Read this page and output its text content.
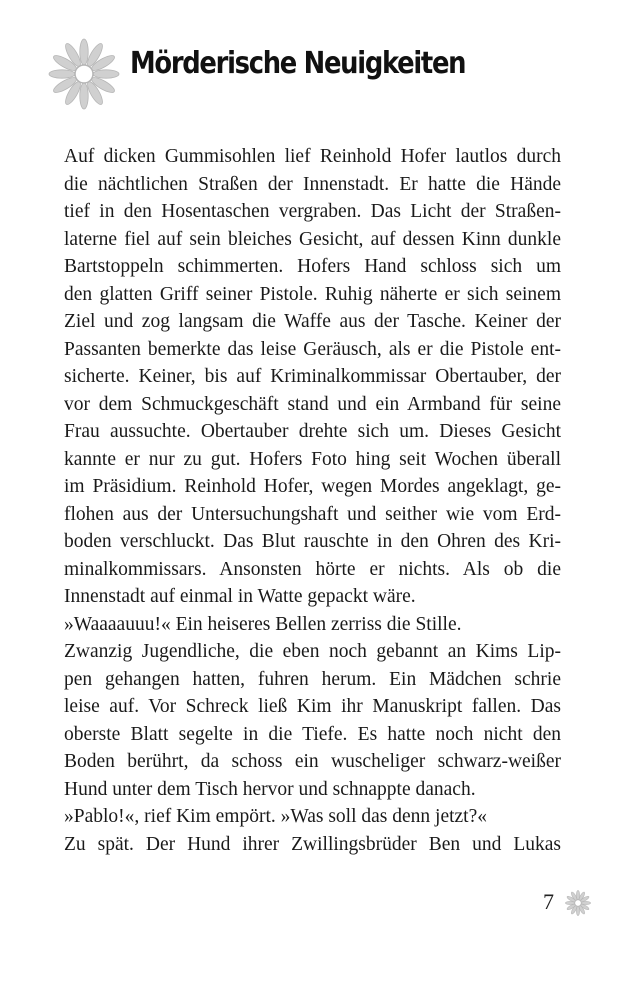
Mörderische Neuigkeiten
Auf dicken Gummisohlen lief Reinhold Hofer lautlos durch
die nächtlichen Straßen der Innenstadt. Er hatte die Hände
tief in den Hosentaschen vergraben. Das Licht der Straßen-
laterne fiel auf sein bleiches Gesicht, auf dessen Kinn dunkle
Bartstoppeln schimmerten. Hofers Hand schloss sich um
den glatten Griff seiner Pistole. Ruhig näherte er sich seinem
Ziel und zog langsam die Waffe aus der Tasche. Keiner der
Passanten bemerkte das leise Geräusch, als er die Pistole ent-
sicherte. Keiner, bis auf Kriminalkommissar Obertauber, der
vor dem Schmuckgeschäft stand und ein Armband für seine
Frau aussuchte. Obertauber drehte sich um. Dieses Gesicht
kannte er nur zu gut. Hofers Foto hing seit Wochen überall
im Präsidium. Reinhold Hofer, wegen Mordes angeklagt, ge-
flohen aus der Untersuchungshaft und seither wie vom Erd-
boden verschluckt. Das Blut rauschte in den Ohren des Kri-
minalkommissars. Ansonsten hörte er nichts. Als ob die
Innenstadt auf einmal in Watte gepackt wäre.
»Waaaauuu!« Ein heiseres Bellen zerriss die Stille.
Zwanzig Jugendliche, die eben noch gebannt an Kims Lip-
pen gehangen hatten, fuhren herum. Ein Mädchen schrie
leise auf. Vor Schreck ließ Kim ihr Manuskript fallen. Das
oberste Blatt segelte in die Tiefe. Es hatte noch nicht den
Boden berührt, da schoss ein wuscheliger schwarz-weißer
Hund unter dem Tisch hervor und schnappte danach.
»Pablo!«, rief Kim empört. »Was soll das denn jetzt?«
Zu spät. Der Hund ihrer Zwillingsbrüder Ben und Lukas
7
